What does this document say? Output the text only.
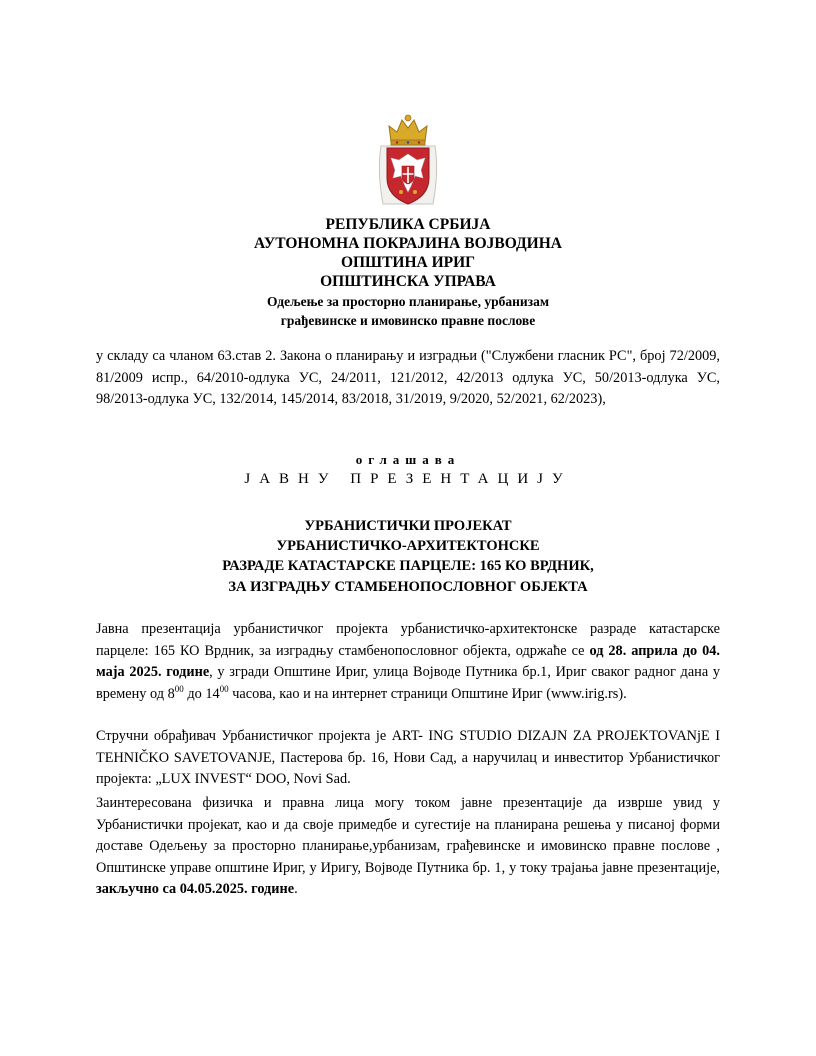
РЕПУБЛИКА СРБИЈА
АУТОНОМНА ПОКРАЈИНА ВОЈВОДИНА
ОПШТИНА ИРИГ
ОПШТИНСКА УПРАВА
Одељење за просторно планирање, урбанизам
грађевинске и имовинско правне послове
у складу са чланом 63.став 2. Закона о планирању и изградњи ("Службени гласник РС", број 72/2009, 81/2009 испр., 64/2010-одлука УС, 24/2011, 121/2012, 42/2013 одлука УС, 50/2013-одлука УС, 98/2013-одлука УС, 132/2014, 145/2014, 83/2018, 31/2019, 9/2020, 52/2021, 62/2023),
оглашава
ЈАВНУ ПРЕЗЕНТАЦИЈУ
УРБАНИСТИЧКИ ПРОЈЕКАТ
УРБАНИСТИЧКО-АРХИТЕКТОНСКЕ
РАЗРАДЕ КАТАСТАРСКЕ ПАРЦЕЛЕ: 165 КО ВРДНИК,
ЗА ИЗГРАДЊУ СТАМБЕНОПОСЛОВНОГ ОБЈЕКТА
Јавна презентација урбанистичког пројекта урбанистичко-архитектонске разраде катастарске парцеле: 165 КО Врдник, за изградњу стамбенопословног објекта, одржаће се од 28. априла до 04. маја 2025. године, у згради Општине Ириг, улица Војводе Путника бр.1, Ириг сваког радног дана у времену од $8^{00}$ до $14^{00}$ часова, као и на интернет страници Општине Ириг (www.irig.rs).
Стручни обрађивач Урбанистичког пројекта је ART- ING STUDIO DIZAJN ZA PROJEKTOVANjE I TEHNIČKO SAVETOVANJE, Пастерова бр. 16, Нови Сад, а наручилац и инвеститор Урбанистичког пројекта: „LUX INVEST“ DOO, Novi Sad.
Заинтересована физичка и правна лица могу током јавне презентације да изврше увид у Урбанистички пројекат, као и да своје примедбе и сугестије на планирана решења у писаној форми доставе Одељењу за просторно планирање,урбанизам, грађевинске и имовинско правне послове , Општинске управе општине Ириг, у Иригу, Војводе Путника бр. 1, у току трајања јавне презентације, закључно са 04.05.2025. године.
